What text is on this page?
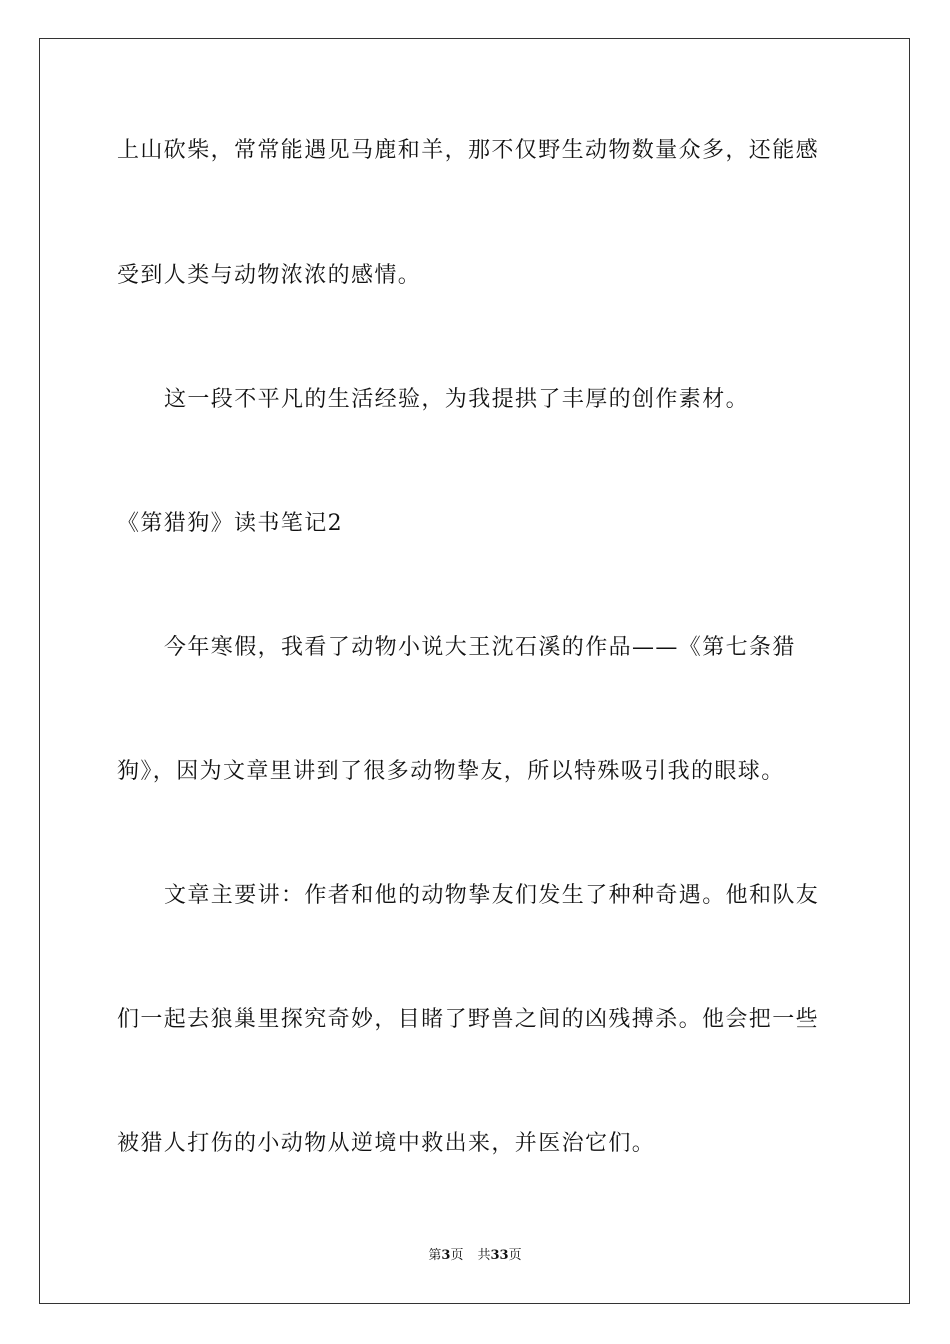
上山砍柴，常常能遇见马鹿和羊，那不仅野生动物数量众多，还能感
受到人类与动物浓浓的感情。
这一段不平凡的生活经验，为我提拱了丰厚的创作素材。
《第猎狗》读书笔记2
今年寒假，我看了动物小说大王沈石溪的作品——《第七条猎
狗》，因为文章里讲到了很多动物挚友，所以特殊吸引我的眼球。
文章主要讲：作者和他的动物挚友们发生了种种奇遇。他和队友
们一起去狼巢里探究奇妙，目睹了野兽之间的凶残搏杀。他会把一些
被猎人打伤的小动物从逆境中救出来，并医治它们。
第3页 共33页
